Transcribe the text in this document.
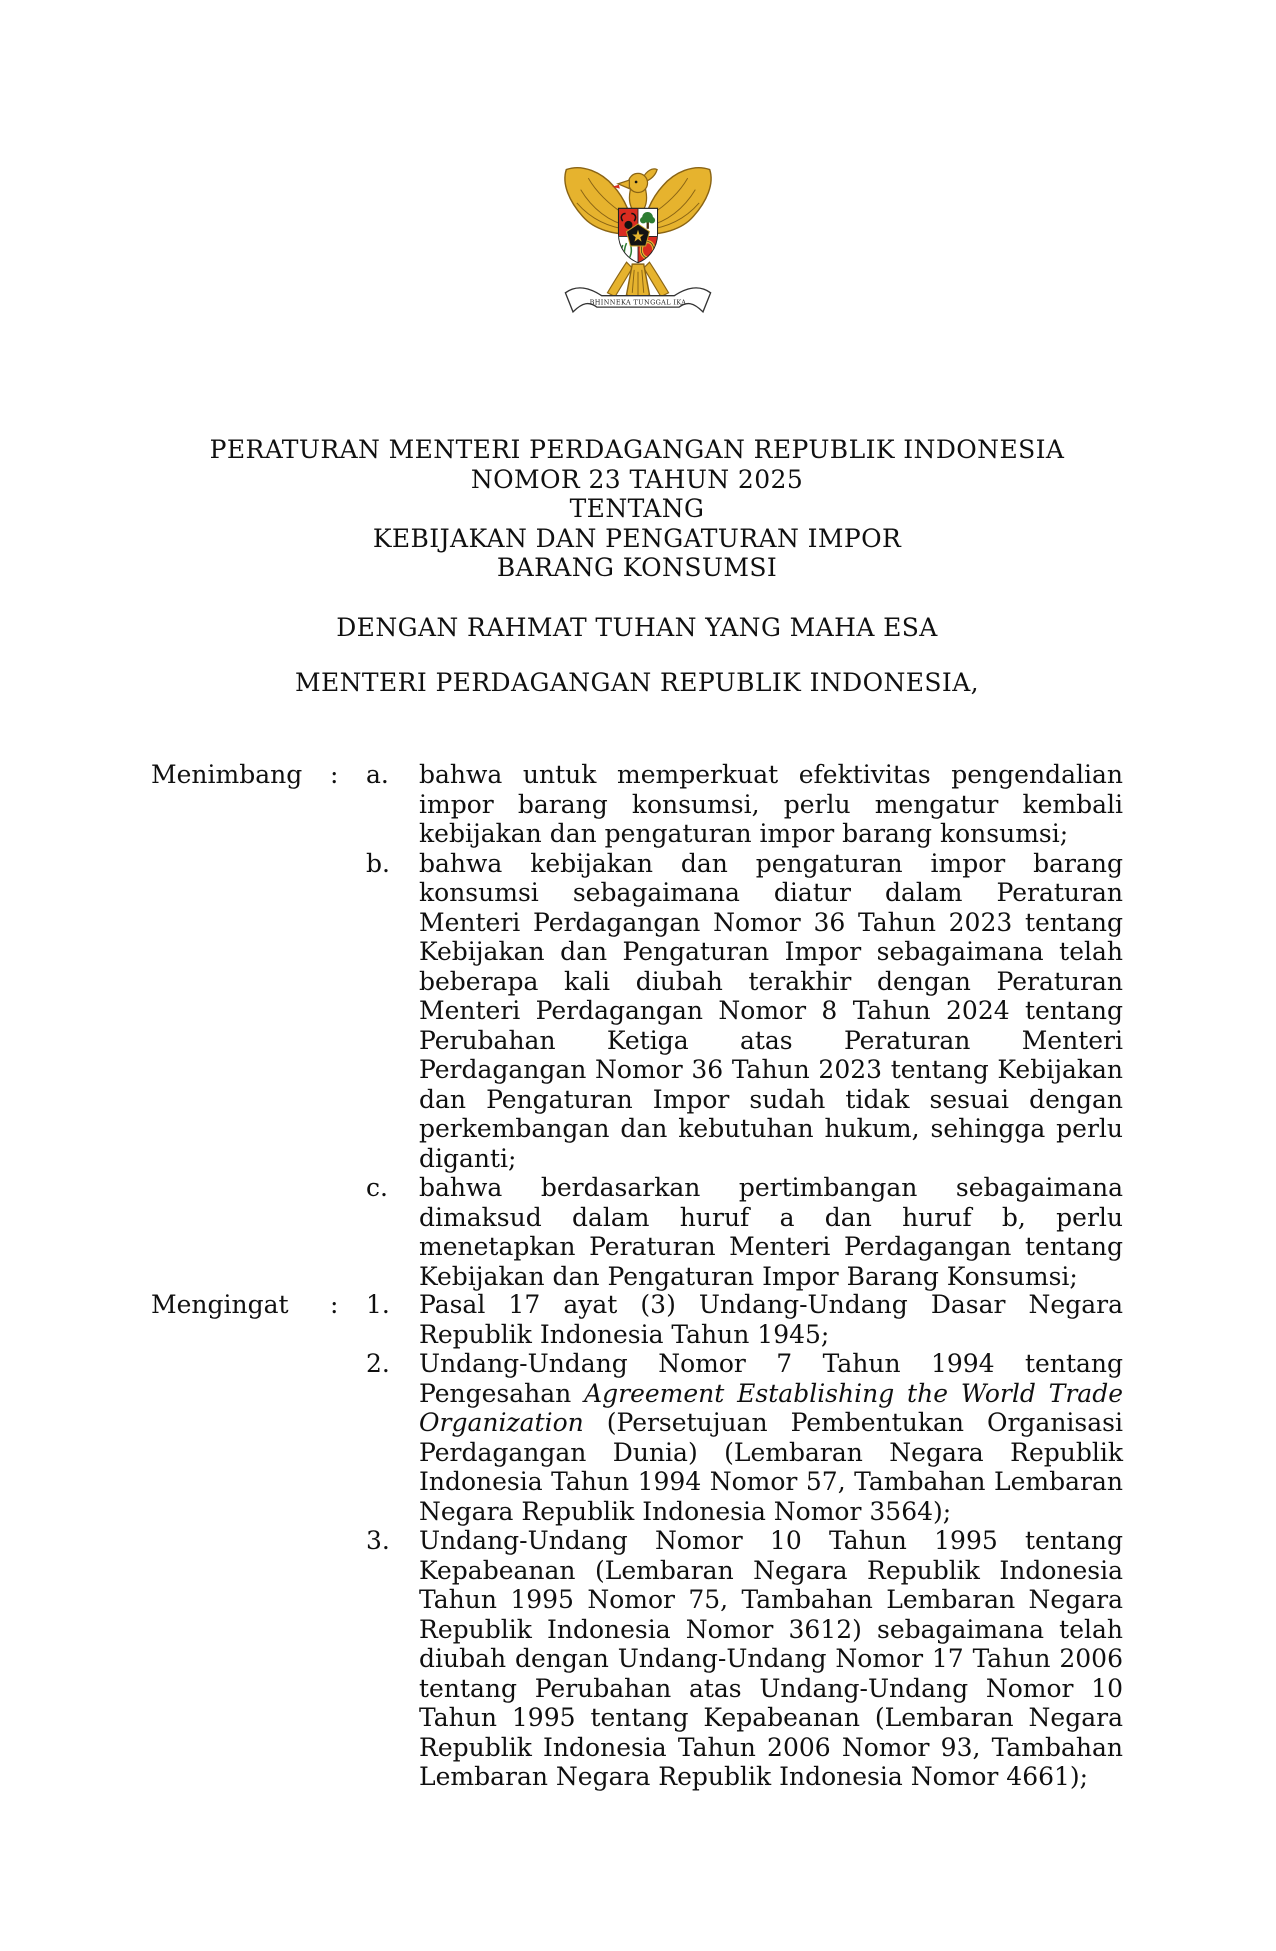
BHINNEKA TUNGGAL IKA
PERATURAN MENTERI PERDAGANGAN REPUBLIK INDONESIA
NOMOR 23 TAHUN 2025
TENTANG
KEBIJAKAN DAN PENGATURAN IMPOR
BARANG KONSUMSI
DENGAN RAHMAT TUHAN YANG MAHA ESA
MENTERI PERDAGANGAN REPUBLIK INDONESIA,
Menimbang	:	a.	bahwa untuk memperkuat efektivitas pengendalian impor barang konsumsi, perlu mengatur kembali kebijakan dan pengaturan impor barang konsumsi;
b.	bahwa kebijakan dan pengaturan impor barang konsumsi sebagaimana diatur dalam Peraturan Menteri Perdagangan Nomor 36 Tahun 2023 tentang Kebijakan dan Pengaturan Impor sebagaimana telah beberapa kali diubah terakhir dengan Peraturan Menteri Perdagangan Nomor 8 Tahun 2024 tentang Perubahan Ketiga atas Peraturan Menteri Perdagangan Nomor 36 Tahun 2023 tentang Kebijakan dan Pengaturan Impor sudah tidak sesuai dengan perkembangan dan kebutuhan hukum, sehingga perlu diganti;
c.	bahwa berdasarkan pertimbangan sebagaimana dimaksud dalam huruf a dan huruf b, perlu menetapkan Peraturan Menteri Perdagangan tentang Kebijakan dan Pengaturan Impor Barang Konsumsi;
Mengingat	:	1.	Pasal 17 ayat (3) Undang-Undang Dasar Negara Republik Indonesia Tahun 1945;
2.	Undang-Undang Nomor 7 Tahun 1994 tentang Pengesahan Agreement Establishing the World Trade Organization (Persetujuan Pembentukan Organisasi Perdagangan Dunia) (Lembaran Negara Republik Indonesia Tahun 1994 Nomor 57, Tambahan Lembaran Negara Republik Indonesia Nomor 3564);
3.	Undang-Undang Nomor 10 Tahun 1995 tentang Kepabeanan (Lembaran Negara Republik Indonesia Tahun 1995 Nomor 75, Tambahan Lembaran Negara Republik Indonesia Nomor 3612) sebagaimana telah diubah dengan Undang-Undang Nomor 17 Tahun 2006 tentang Perubahan atas Undang-Undang Nomor 10 Tahun 1995 tentang Kepabeanan (Lembaran Negara Republik Indonesia Tahun 2006 Nomor 93, Tambahan Lembaran Negara Republik Indonesia Nomor 4661);
